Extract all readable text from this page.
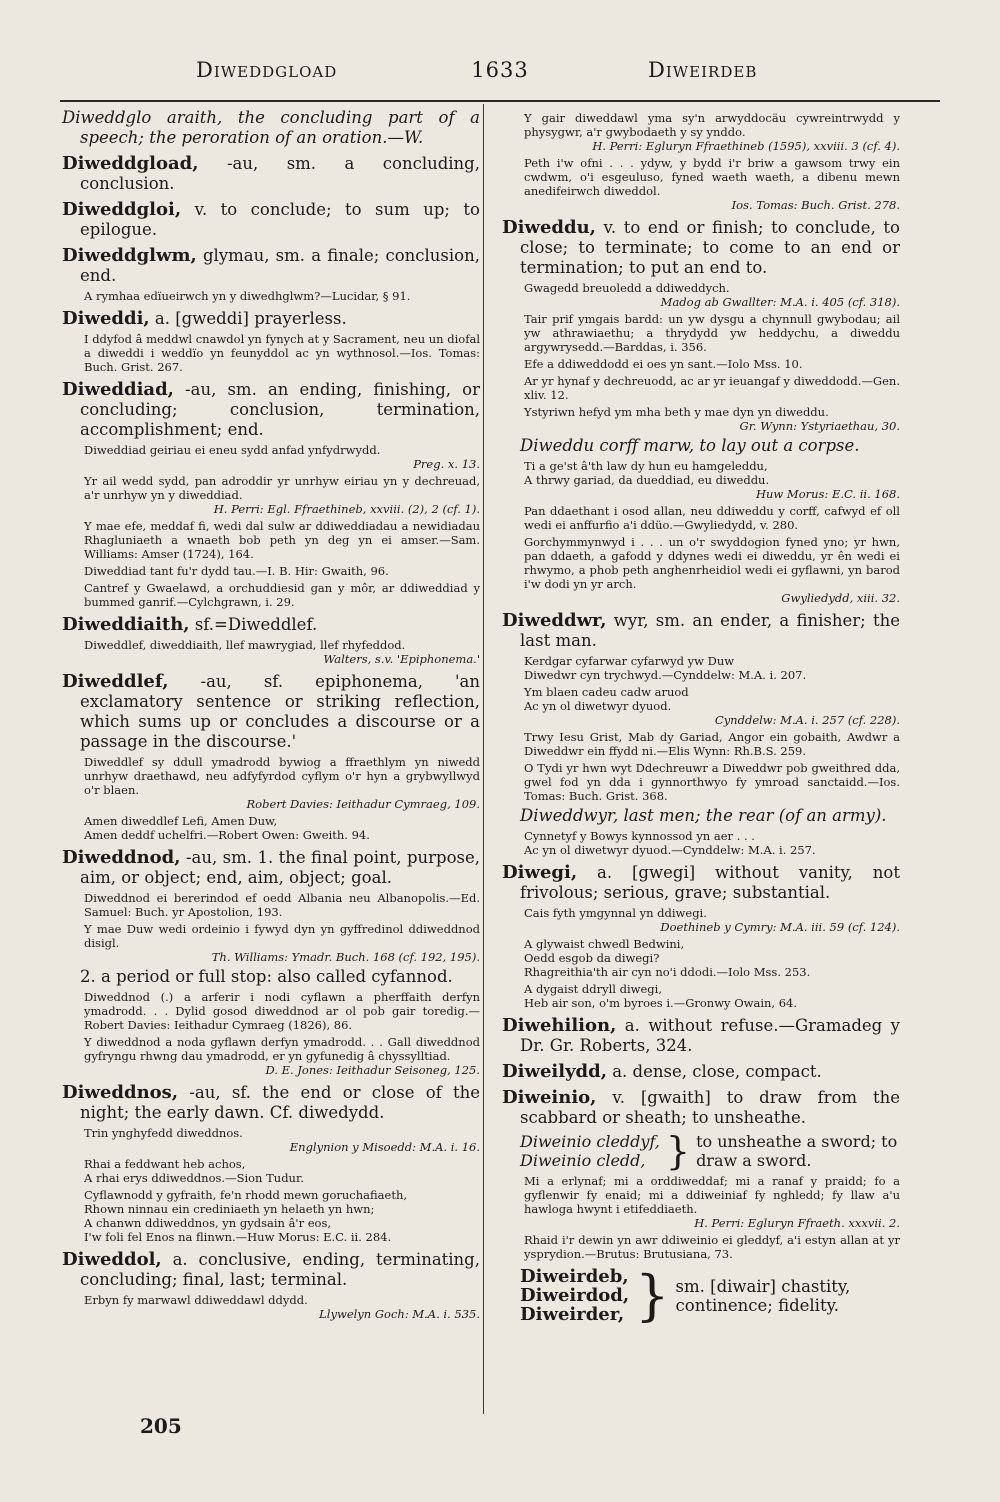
Diweddgload	1633	Diweirdeb
Diweddglo araith, the concluding part of a speech; the peroration of an oration.—W.
Diweddgload, -au, sm. a concluding, conclusion.
Diweddgloi, v. to conclude; to sum up; to epilogue.
Diweddglwm, glymau, sm. a finale; conclusion, end.
A rymhaa edïueirwch yn y diwedhglwm?—Lucidar, § 91.
Diweddi, a. [gweddi] prayerless.
I ddyfod â meddwl cnawdol yn fynych at y Sacrament, neu un diofal a diweddi i weddïo yn feunyddol ac yn wythnosol.—Ios. Tomas: Buch. Grist. 267.
Diweddiad, -au, sm. an ending, finishing, or concluding; conclusion, termination, accomplishment; end.
Diweddiad geiriau ei eneu sydd anfad ynfydrwydd.
Preg. x. 13.
Yr ail wedd sydd, pan adroddir yr unrhyw eiriau yn y dechreuad, a'r unrhyw yn y diweddiad.
H. Perri: Egl. Ffraethineb, xxviii. (2), 2 (cf. 1).
Y mae efe, meddaf fi, wedi dal sulw ar ddiweddiadau a newidiadau Rhagluniaeth a wnaeth bob peth yn deg yn ei amser.—Sam. Williams: Amser (1724), 164.
Diweddiad tant fu'r dydd tau.—I. B. Hir: Gwaith, 96.
Cantref y Gwaelawd, a orchuddiesid gan y môr, ar ddiweddiad y bummed ganrif.—Cylchgrawn, i. 29.
Diweddiaith, sf.=Diweddlef.
Diweddlef, diweddiaith, llef mawrygiad, llef rhyfeddod.
Walters, s.v. 'Epiphonema.'
Diweddlef, -au, sf. epiphonema, 'an exclamatory sentence or striking reflection, which sums up or concludes a discourse or a passage in the discourse.'
Diweddlef sy ddull ymadrodd bywiog a ffraethlym yn niwedd unrhyw draethawd, neu adfyfyrdod cyflym o'r hyn a grybwyllwyd o'r blaen.
Robert Davies: Ieithadur Cymraeg, 109.
Amen diweddlef Lefi, Amen Duw,
Amen deddf uchelfri.—Robert Owen: Gweith. 94.
Diweddnod, -au, sm. 1. the final point, purpose, aim, or object; end, aim, object; goal.
Diweddnod ei bererindod ef oedd Albania neu Albanopolis.—Ed. Samuel: Buch. yr Apostolion, 193.
Y mae Duw wedi ordeinio i fywyd dyn yn gyffredinol ddiweddnod disigl.
Th. Williams: Ymadr. Buch. 168 (cf. 192, 195).
2. a period or full stop: also called cyfannod.
Diweddnod (.) a arferir i nodi cyflawn a pherffaith derfyn ymadrodd. . . Dylid gosod diweddnod ar ol pob gair toredig.—Robert Davies: Ieithadur Cymraeg (1826), 86.
Y diweddnod a noda gyflawn derfyn ymadrodd. . . Gall diweddnod gyfryngu rhwng dau ymadrodd, er yn gyfunedig â chyssylltiad.
D. E. Jones: Ieithadur Seisoneg, 125.
Diweddnos, -au, sf. the end or close of the night; the early dawn. Cf. diwedydd.
Trin ynghyfedd diweddnos.
Englynion y Misoedd: M.A. i. 16.
Rhai a feddwant heb achos,
A rhai erys ddiweddnos.—Sion Tudur.
Cyflawnodd y gyfraith, fe'n rhodd mewn goruchafiaeth,
Rhown ninnau ein crediniaeth yn helaeth yn hwn;
A chanwn ddiweddnos, yn gydsain â'r eos,
I'w foli fel Enos na flinwn.—Huw Morus: E.C. ii. 284.
Diweddol, a. conclusive, ending, terminating, concluding; final, last; terminal.
Erbyn fy marwawl ddiweddawl ddydd.
Llywelyn Goch: M.A. i. 535.
Y gair diweddawl yma sy'n arwyddocäu cywreintrwydd y physygwr, a'r gwybodaeth y sy ynddo.
H. Perri: Egluryn Ffraethineb (1595), xxviii. 3 (cf. 4).
Peth i'w ofni . . . ydyw, y bydd i'r briw a gawsom trwy ein cwdwm, o'i esgeuluso, fyned waeth waeth, a dibenu mewn anedifeirwch diweddol.
Ios. Tomas: Buch. Grist. 278.
Diweddu, v. to end or finish; to conclude, to close; to terminate; to come to an end or termination; to put an end to.
Gwagedd breuoledd a ddiweddych.
Madog ab Gwallter: M.A. i. 405 (cf. 318).
Tair prif ymgais bardd: un yw dysgu a chynnull gwybodau; ail yw athrawiaethu; a thrydydd yw heddychu, a diweddu argywrysedd.—Barddas, i. 356.
Efe a ddiweddodd ei oes yn sant.—Iolo Mss. 10.
Ar yr hynaf y dechreuodd, ac ar yr ieuangaf y diweddodd.—Gen. xliv. 12.
Ystyriwn hefyd ym mha beth y mae dyn yn diweddu.
Gr. Wynn: Ystyriaethau, 30.
Diweddu corff marw, to lay out a corpse.
Ti a ge'st â'th law dy hun eu hamgeleddu,
A thrwy gariad, da dueddiad, eu diweddu.
Huw Morus: E.C. ii. 168.
Pan ddaethant i osod allan, neu ddiweddu y corff, cafwyd ef oll wedi ei anffurfio a'i ddüo.—Gwyliedydd, v. 280.
Gorchymmynwyd i . . . un o'r swyddogion fyned yno; yr hwn, pan ddaeth, a gafodd y ddynes wedi ei diweddu, yr ên wedi ei rhwymo, a phob peth anghenrheidiol wedi ei gyflawni, yn barod i'w dodi yn yr arch.
Gwyliedydd, xiii. 32.
Diweddwr, wyr, sm. an ender, a finisher; the last man.
Kerdgar cyfarwar cyfarwyd yw Duw
Diwedwr cyn trychwyd.—Cynddelw: M.A. i. 207.
Ym blaen cadeu cadw aruod
Ac yn ol diwetwyr dyuod.
Cynddelw: M.A. i. 257 (cf. 228).
Trwy Iesu Grist, Mab dy Gariad, Angor ein gobaith, Awdwr a Diweddwr ein ffydd ni.—Elis Wynn: Rh.B.S. 259.
O Tydi yr hwn wyt Ddechreuwr a Diweddwr pob gweithred dda, gwel fod yn dda i gynnorthwyo fy ymroad sanctaidd.—Ios. Tomas: Buch. Grist. 368.
Diweddwyr, last men; the rear (of an army).
Cynnetyf y Bowys kynnossod yn aer . . .
Ac yn ol diwetwyr dyuod.—Cynddelw: M.A. i. 257.
Diwegi, a. [gwegi] without vanity, not frivolous; serious, grave; substantial.
Cais fyth ymgynnal yn ddiwegi.
Doethineb y Cymry: M.A. iii. 59 (cf. 124).
A glywaist chwedl Bedwini,
Oedd esgob da diwegi?
Rhagreithia'th air cyn no'i ddodi.—Iolo Mss. 253.
A dygaist ddryll diwegi,
Heb air son, o'm byroes i.—Gronwy Owain, 64.
Diwehilion, a. without refuse.—Gramadeg y Dr. Gr. Roberts, 324.
Diweilydd, a. dense, close, compact.
Diweinio, v. [gwaith] to draw from the scabbard or sheath; to unsheathe.
Diweinio cleddyf,
Diweinio cledd, } to unsheathe a sword; to
draw a sword.
Mi a erlynaf; mi a orddiweddaf; mi a ranaf y praidd; fo a gyflenwir fy enaid; mi a ddiweiniaf fy nghledd; fy llaw a'u hawloga hwynt i etifeddiaeth.
H. Perri: Egluryn Ffraeth. xxxvii. 2.
Rhaid i'r dewin yn awr ddiweinio ei gleddyf, a'i estyn allan at yr ysprydion.—Brutus: Brutusiana, 73.
Diweirdeb,
Diweirdod,
Diweirder, } sm. [diwair] chastity, continence; fidelity.
205
